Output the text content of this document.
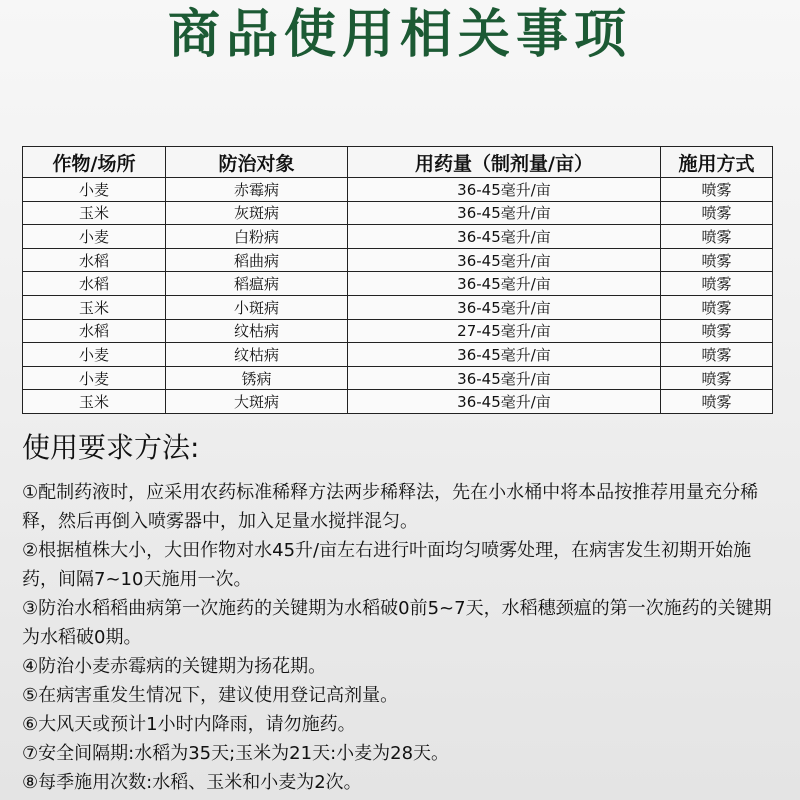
商品使用相关事项
作物/场所	防治对象	用药量（制剂量/亩）	施用方式
小麦	赤霉病	36-45毫升/亩	喷雾
玉米	灰斑病	36-45毫升/亩	喷雾
小麦	白粉病	36-45毫升/亩	喷雾
水稻	稻曲病	36-45毫升/亩	喷雾
水稻	稻瘟病	36-45毫升/亩	喷雾
玉米	小斑病	36-45毫升/亩	喷雾
水稻	纹枯病	27-45毫升/亩	喷雾
小麦	纹枯病	36-45毫升/亩	喷雾
小麦	锈病	36-45毫升/亩	喷雾
玉米	大斑病	36-45毫升/亩	喷雾
使用要求方法:

①配制药液时，应采用农药标准稀释方法两步稀释法，先在小水桶中将本品按推荐用量充分稀释，然后再倒入喷雾器中，加入足量水搅拌混匀。

②根据植株大小，大田作物对水45升/亩左右进行叶面均匀喷雾处理，在病害发生初期开始施药，间隔7~10天施用一次。

③防治水稻稻曲病第一次施药的关键期为水稻破0前5~7天，水稻穗颈瘟的第一次施药的关键期为水稻破0期。

④防治小麦赤霉病的关键期为扬花期。

⑤在病害重发生情况下，建议使用登记高剂量。

⑥大风天或预计1小时内降雨，请勿施药。

⑦安全间隔期:水稻为35天;玉米为21天:小麦为28天。

⑧每季施用次数:水稻、玉米和小麦为2次。
